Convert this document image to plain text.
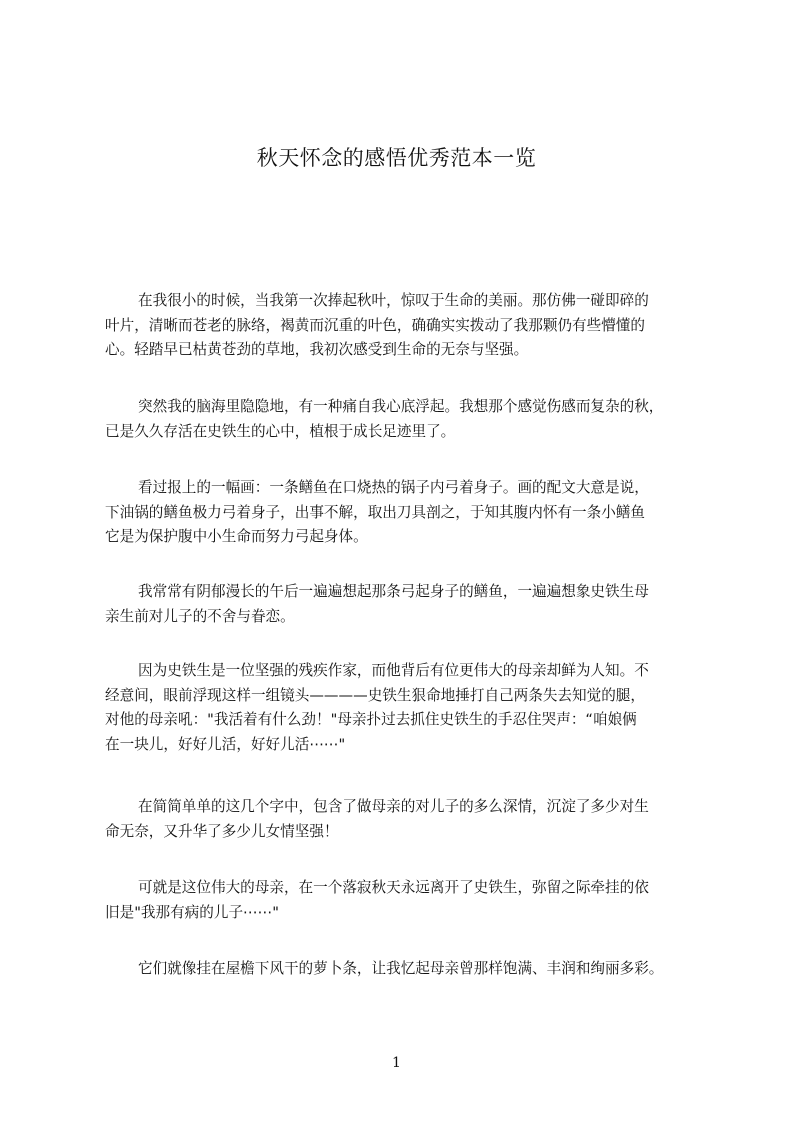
秋天怀念的感悟优秀范本一览

在我很小的时候，当我第一次捧起秋叶，惊叹于生命的美丽。那仿佛一碰即碎的
叶片，清晰而苍老的脉络，褐黄而沉重的叶色，确确实实拨动了我那颗仍有些懵懂的
心。轻踏早已枯黄苍劲的草地，我初次感受到生命的无奈与坚强。

突然我的脑海里隐隐地，有一种痛自我心底浮起。我想那个感觉伤感而复杂的秋，
已是久久存活在史铁生的心中，植根于成长足迹里了。

看过报上的一幅画：一条鳝鱼在口烧热的锅子内弓着身子。画的配文大意是说，
下油锅的鳝鱼极力弓着身子，出事不解，取出刀具剖之，于知其腹内怀有一条小鳝鱼
它是为保护腹中小生命而努力弓起身体。

我常常有阴郁漫长的午后一遍遍想起那条弓起身子的鳝鱼，一遍遍想象史铁生母
亲生前对儿子的不舍与眷恋。

因为史铁生是一位坚强的残疾作家，而他背后有位更伟大的母亲却鲜为人知。不
经意间，眼前浮现这样一组镜头————史铁生狠命地捶打自己两条失去知觉的腿，
对他的母亲吼："我活着有什么劲！"母亲扑过去抓住史铁生的手忍住哭声：“咱娘俩
在一块儿，好好儿活，好好儿活⋯⋯"

在简简单单的这几个字中，包含了做母亲的对儿子的多么深情，沉淀了多少对生
命无奈，又升华了多少儿女情坚强！

可就是这位伟大的母亲，在一个落寂秋天永远离开了史铁生，弥留之际牵挂的依
旧是"我那有病的儿子⋯⋯"

它们就像挂在屋檐下风干的萝卜条，让我忆起母亲曾那样饱满、丰润和绚丽多彩。

1
